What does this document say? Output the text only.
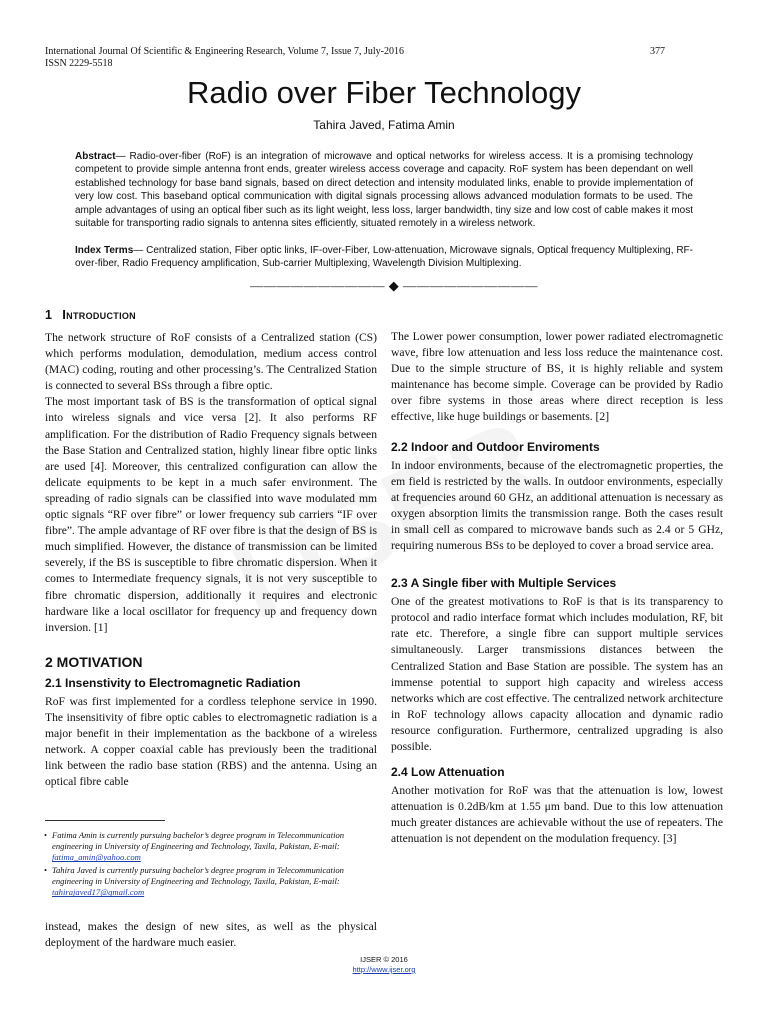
International Journal Of Scientific & Engineering Research, Volume 7, Issue 7, July-2016
ISSN 2229-5518
377
Radio over Fiber Technology
Tahira Javed, Fatima Amin
Abstract— Radio-over-fiber (RoF) is an integration of microwave and optical networks for wireless access. It is a promising technology competent to provide simple antenna front ends, greater wireless access coverage and capacity. RoF system has been dependant on well established technology for base band signals, based on direct detection and intensity modulated links, enable to provide implementation of very low cost. This baseband optical communication with digital signals processing allows advanced modulation formats to be used. The ample advantages of using an optical fiber such as its light weight, less loss, larger bandwidth, tiny size and low cost of cable makes it most suitable for transporting radio signals to antenna sites efficiently, situated remotely in a wireless network.
Index Terms— Centralized station, Fiber optic links, IF-over-Fiber, Low-attenuation, Microwave signals, Optical frequency Multiplexing, RF-over-fiber, Radio Frequency amplification, Sub-carrier Multiplexing, Wavelength Division Multiplexing.
—————————— ◆ ——————————
1 Introduction

The network structure of RoF consists of a Centralized station (CS) which performs modulation, demodulation, medium access control (MAC) coding, routing and other processing’s. The Centralized Station is connected to several BSs through a fibre optic.

The most important task of BS is the transformation of optical signal into wireless signals and vice versa [2]. It also performs RF amplification. For the distribution of Radio Frequency signals between the Base Station and Centralized station, highly linear fibre optic links are used [4]. Moreover, this centralized configuration can allow the delicate equipments to be kept in a much safer environment. The spreading of radio signals can be classified into wave modulated mm optic signals “RF over fibre” or lower frequency sub carriers “IF over fibre”. The ample advantage of RF over fibre is that the design of BS is much simplified. However, the distance of transmission can be limited severely, if the BS is susceptible to fibre chromatic dispersion. When it comes to Intermediate frequency signals, it is not very susceptible to fibre chromatic dispersion, additionally it requires and electronic hardware like a local oscillator for frequency up and frequency down inversion. [1]

2 MOTIVATION
2.1 Insenstivity to Electromagnetic Radiation

RoF was first implemented for a cordless telephone service in 1990. The insensitivity of fibre optic cables to electromagnetic radiation is a major benefit in their implementation as the backbone of a wireless network. A copper coaxial cable has previously been the traditional link between the radio base station (RBS) and the antenna. Using an optical fibre cable

• Fatima Amin is currently pursuing bachelor’s degree program in Telecommunication engineering in University of Engineering and Technology, Taxila, Pakistan, E-mail: fatima_amin@yahoo.com
• Tahira Javed is currently pursuing bachelor’s degree program in Telecommunication engineering in University of Engineering and Technology, Taxila, Pakistan, E-mail: tahirajaved17@gmail.com

instead, makes the design of new sites, as well as the physical deployment of the hardware much easier.

The Lower power consumption, lower power radiated electromagnetic wave, fibre low attenuation and less loss reduce the maintenance cost. Due to the simple structure of BS, it is highly reliable and system maintenance has become simple. Coverage can be provided by Radio over fibre systems in those areas where direct reception is less effective, like huge buildings or basements. [2]

2.2 Indoor and Outdoor Enviroments

In indoor environments, because of the electromagnetic properties, the em field is restricted by the walls. In outdoor environments, especially at frequencies around 60 GHz, an additional attenuation is necessary as oxygen absorption limits the transmission range. Both the cases result in small cell as compared to microwave bands such as 2.4 or 5 GHz, requiring numerous BSs to be deployed to cover a broad service area.

2.3 A Single fiber with Multiple Services

One of the greatest motivations to RoF is that is its transparency to protocol and radio interface format which includes modulation, RF, bit rate etc. Therefore, a single fibre can support multiple services simultaneously. Larger transmissions distances between the Centralized Station and Base Station are possible. The system has an immense potential to support high capacity and wireless access networks which are cost effective. The centralized network architecture in RoF technology allows capacity allocation and dynamic radio resource configuration. Furthermore, centralized upgrading is also possible.

2.4 Low Attenuation

Another motivation for RoF was that the attenuation is low, lowest attenuation is 0.2dB/km at 1.55 μm band. Due to this low attenuation much greater distances are achievable without the use of repeaters. The attenuation is not dependent on the modulation frequency. [3]

IJSER © 2016
http://www.ijser.org
